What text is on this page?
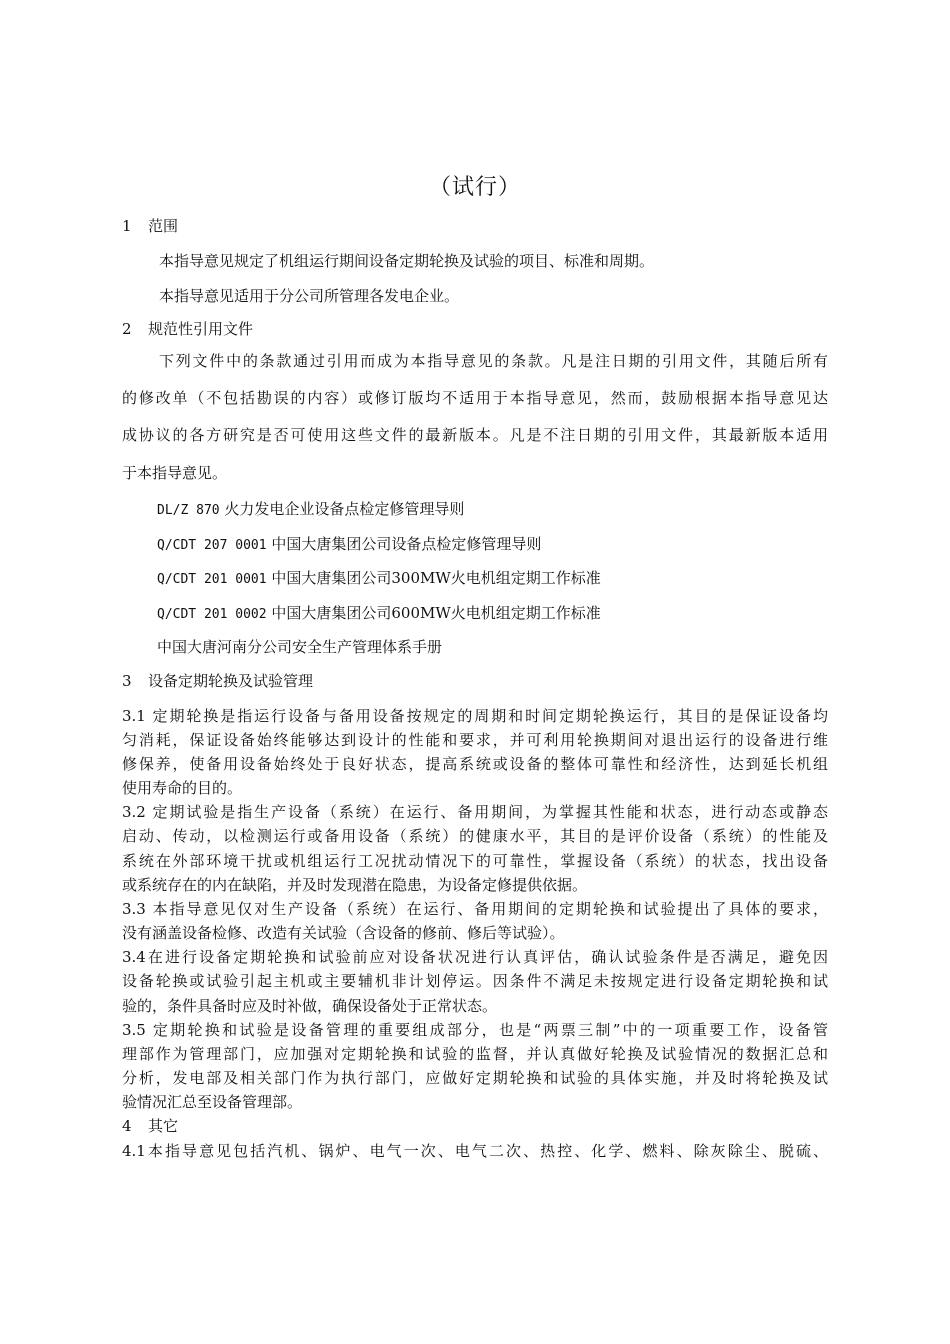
（试行）
1 范围
本指导意见规定了机组运行期间设备定期轮换及试验的项目、标准和周期。
本指导意见适用于分公司所管理各发电企业。
2 规范性引用文件
下列文件中的条款通过引用而成为本指导意见的条款。凡是注日期的引用文件，其随后所有
的修改单（不包括勘误的内容）或修订版均不适用于本指导意见，然而，鼓励根据本指导意见达
成协议的各方研究是否可使用这些文件的最新版本。凡是不注日期的引用文件，其最新版本适用
于本指导意见。
DL/Z 870 火力发电企业设备点检定修管理导则
Q/CDT 207 0001 中国大唐集团公司设备点检定修管理导则
Q/CDT 201 0001 中国大唐集团公司300MW火电机组定期工作标准
Q/CDT 201 0002 中国大唐集团公司600MW火电机组定期工作标准
中国大唐河南分公司安全生产管理体系手册
3 设备定期轮换及试验管理
3.1 定期轮换是指运行设备与备用设备按规定的周期和时间定期轮换运行，其目的是保证设备均
匀消耗，保证设备始终能够达到设计的性能和要求，并可利用轮换期间对退出运行的设备进行维
修保养，使备用设备始终处于良好状态，提高系统或设备的整体可靠性和经济性，达到延长机组
使用寿命的目的。
3.2 定期试验是指生产设备（系统）在运行、备用期间，为掌握其性能和状态，进行动态或静态
启动、传动，以检测运行或备用设备（系统）的健康水平，其目的是评价设备（系统）的性能及
系统在外部环境干扰或机组运行工况扰动情况下的可靠性，掌握设备（系统）的状态，找出设备
或系统存在的内在缺陷，并及时发现潜在隐患，为设备定修提供依据。
3.3 本指导意见仅对生产设备（系统）在运行、备用期间的定期轮换和试验提出了具体的要求，
没有涵盖设备检修、改造有关试验（含设备的修前、修后等试验）。
3.4在进行设备定期轮换和试验前应对设备状况进行认真评估，确认试验条件是否满足，避免因
设备轮换或试验引起主机或主要辅机非计划停运。因条件不满足未按规定进行设备定期轮换和试
验的，条件具备时应及时补做，确保设备处于正常状态。
3.5 定期轮换和试验是设备管理的重要组成部分，也是“两票三制”中的一项重要工作，设备管
理部作为管理部门，应加强对定期轮换和试验的监督，并认真做好轮换及试验情况的数据汇总和
分析，发电部及相关部门作为执行部门，应做好定期轮换和试验的具体实施，并及时将轮换及试
验情况汇总至设备管理部。
4 其它
4.1本指导意见包括汽机、锅炉、电气一次、电气二次、热控、化学、燃料、除灰除尘、脱硫、
